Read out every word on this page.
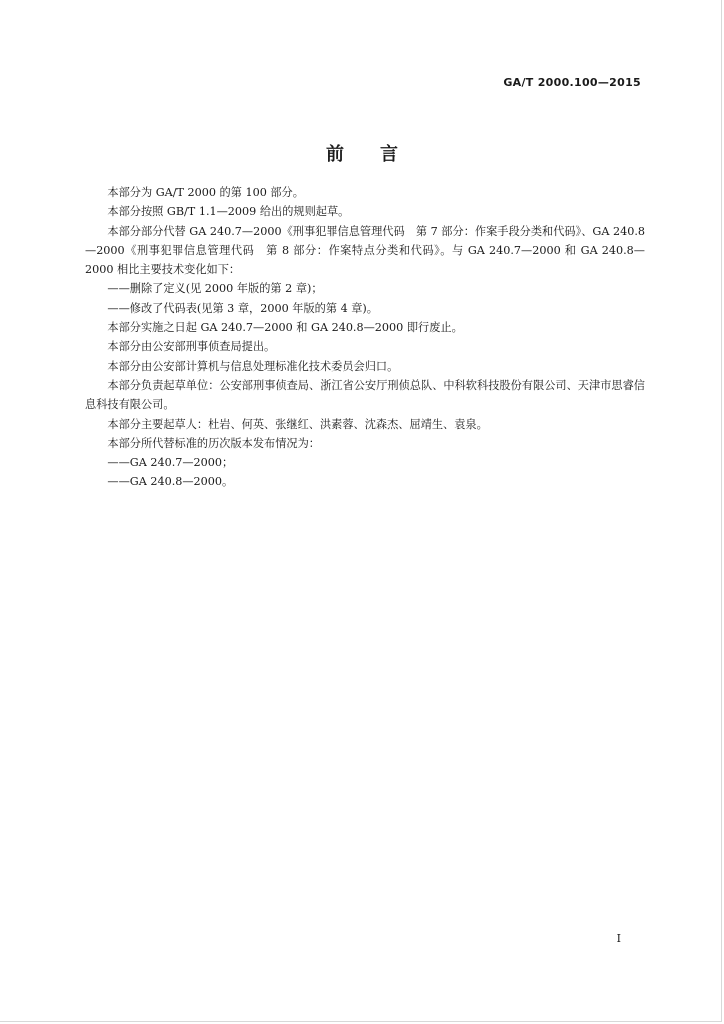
GA/T 2000.100—2015
前言

本部分为 GA/T 2000 的第 100 部分。

本部分按照 GB/T 1.1—2009 给出的规则起草。

本部分部分代替 GA 240.7—2000《刑事犯罪信息管理代码　第 7 部分：作案手段分类和代码》、GA 240.8—2000《刑事犯罪信息管理代码　第 8 部分：作案特点分类和代码》。与 GA 240.7—2000 和 GA 240.8—2000 相比主要技术变化如下：

——删除了定义(见 2000 年版的第 2 章)；

——修改了代码表(见第 3 章，2000 年版的第 4 章)。

本部分实施之日起 GA 240.7—2000 和 GA 240.8—2000 即行废止。

本部分由公安部刑事侦查局提出。

本部分由公安部计算机与信息处理标准化技术委员会归口。

本部分负责起草单位：公安部刑事侦查局、浙江省公安厅刑侦总队、中科软科技股份有限公司、天津市思睿信息科技有限公司。

本部分主要起草人：杜岩、何英、张继红、洪素蓉、沈森杰、屈靖生、袁泉。

本部分所代替标准的历次版本发布情况为：

——GA 240.7—2000；

——GA 240.8—2000。

I
